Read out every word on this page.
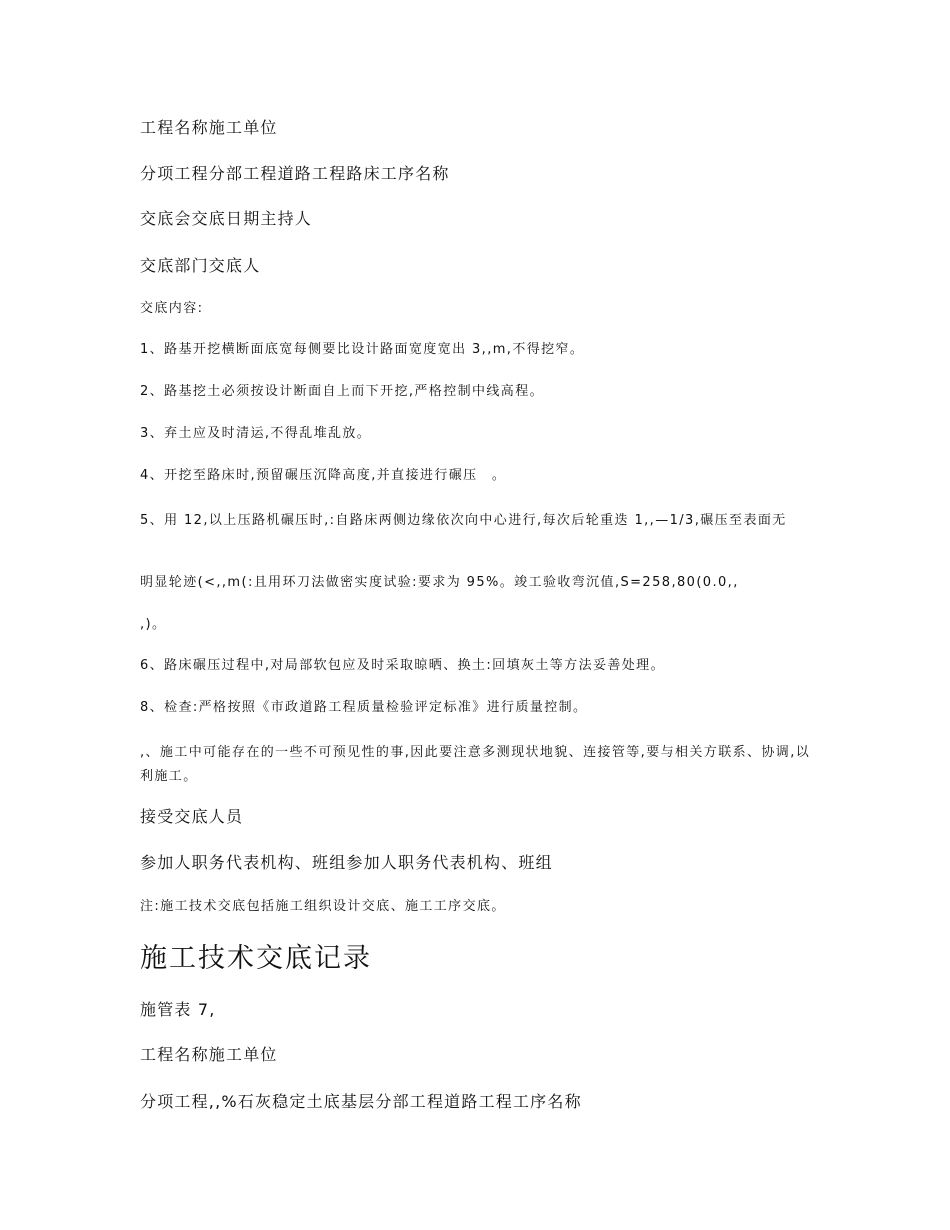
工程名称施工单位
分项工程分部工程道路工程路床工序名称
交底会交底日期主持人
交底部门交底人
交底内容:
1、路基开挖横断面底宽每侧要比设计路面宽度宽出 3,,m,不得挖窄。
2、路基挖土必须按设计断面自上而下开挖,严格控制中线高程。
3、弃土应及时清运,不得乱堆乱放。
4、开挖至路床时,预留碾压沉降高度,并直接进行碾压　。
5、用 12,以上压路机碾压时,:自路床两侧边缘依次向中心进行,每次后轮重迭 1,,—1/3,碾压至表面无
明显轮迹(<,,m(:且用环刀法做密实度试验:要求为 95%。竣工验收弯沉值,S=258,80(0.0,,
,)。
6、路床碾压过程中,对局部软包应及时采取晾晒、换土:回填灰土等方法妥善处理。
8、检查:严格按照《市政道路工程质量检验评定标准》进行质量控制。
,、施工中可能存在的一些不可预见性的事,因此要注意多测现状地貌、连接管等,要与相关方联系、协调,以利施工。
接受交底人员
参加人职务代表机构、班组参加人职务代表机构、班组
注:施工技术交底包括施工组织设计交底、施工工序交底。
施工技术交底记录
施管表 7,
工程名称施工单位
分项工程,,%石灰稳定土底基层分部工程道路工程工序名称
